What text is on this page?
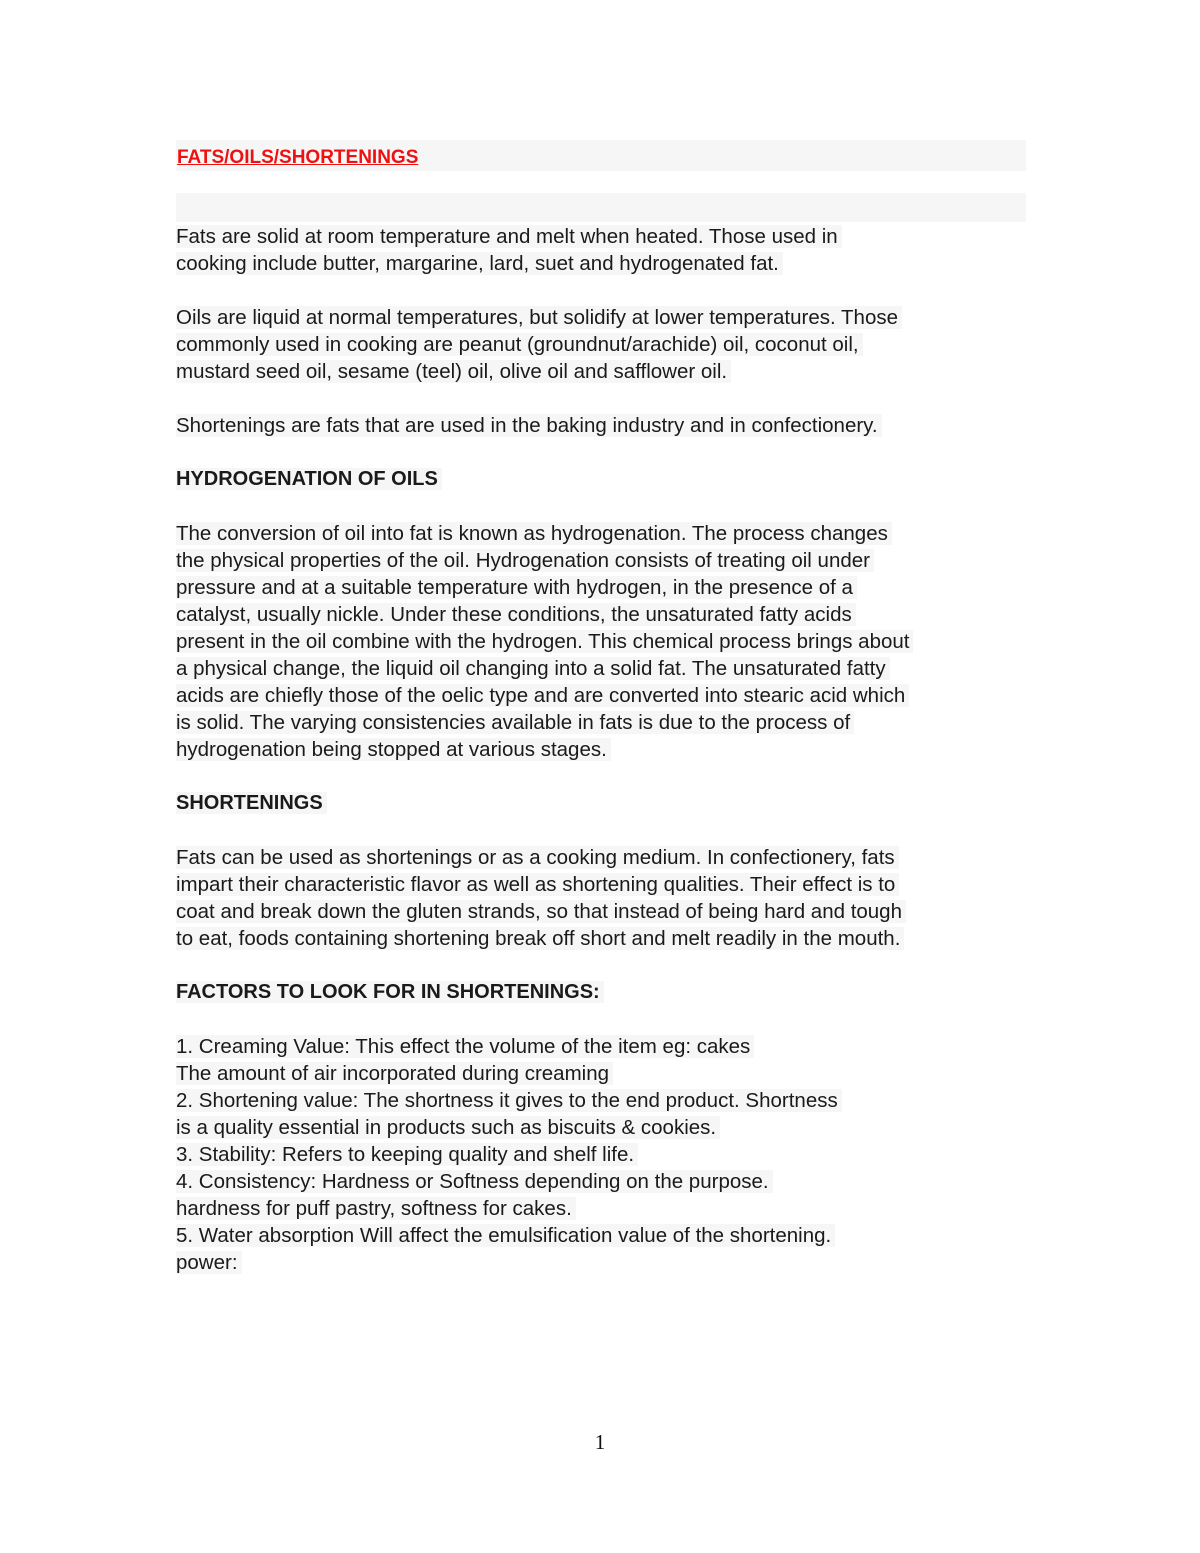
FATS/OILS/SHORTENINGS
Fats are solid at room temperature and melt when heated. Those used in
cooking include butter, margarine, lard, suet and hydrogenated fat.
Oils are liquid at normal temperatures, but solidify at lower temperatures. Those
commonly used in cooking are peanut (groundnut/arachide) oil, coconut oil,
mustard seed oil, sesame (teel) oil, olive oil and safflower oil.
Shortenings are fats that are used in the baking industry and in confectionery.
HYDROGENATION OF OILS
The conversion of oil into fat is known as hydrogenation. The process changes
the physical properties of the oil. Hydrogenation consists of treating oil under
pressure and at a suitable temperature with hydrogen, in the presence of a
catalyst, usually nickle. Under these conditions, the unsaturated fatty acids
present in the oil combine with the hydrogen. This chemical process brings about
a physical change, the liquid oil changing into a solid fat. The unsaturated fatty
acids are chiefly those of the oelic type and are converted into stearic acid which
is solid. The varying consistencies available in fats is due to the process of
hydrogenation being stopped at various stages.
SHORTENINGS
Fats can be used as shortenings or as a cooking medium. In confectionery, fats
impart their characteristic flavor as well as shortening qualities. Their effect is to
coat and break down the gluten strands, so that instead of being hard and tough
to eat, foods containing shortening break off short and melt readily in the mouth.
FACTORS TO LOOK FOR IN SHORTENINGS:
1. Creaming Value: This effect the volume of the item eg: cakes
The amount of air incorporated during creaming
2. Shortening value: The shortness it gives to the end product. Shortness
is a quality essential in products such as biscuits & cookies.
3. Stability: Refers to keeping quality and shelf life.
4. Consistency: Hardness or Softness depending on the purpose.
hardness for puff pastry, softness for cakes.
5. Water absorption Will affect the emulsification value of the shortening.
power:
1
